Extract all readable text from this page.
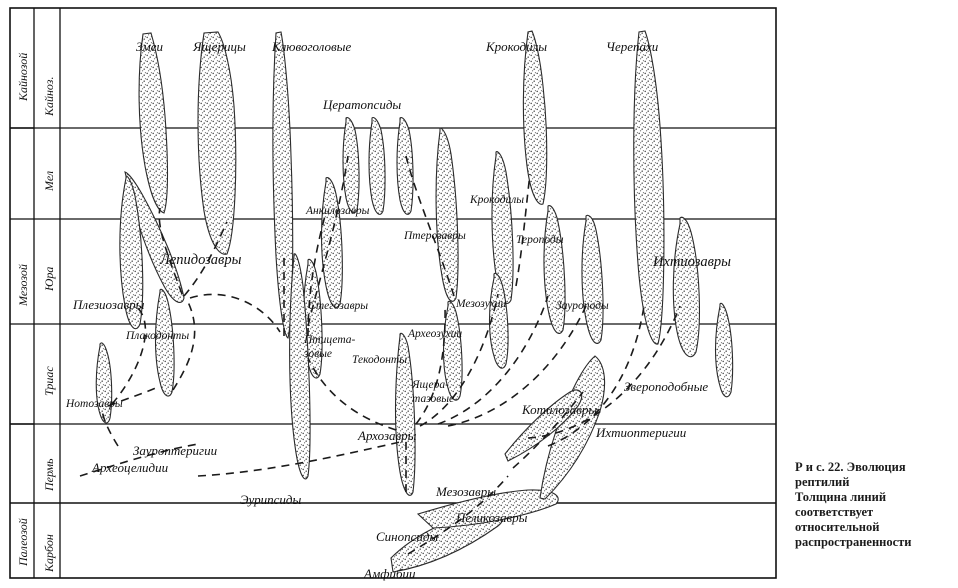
Кайнозой
Мезозой
Палеозой
Кайноз.
Мел
Юра
Триас
Пермь
Карбон
Змеи Ящерицы Клювоголовые	Крокодилы	Черепахи
Цератопсиды
Анкилозавры
Крокодилы
Птерозавры	Тероподы
Лепидозавры	Ихтиозавры
Плезиозавры	Стегозавры	Мезозухии	Зауроподы
Плакодонты	Птицета-
зовые
Археозухии
Текодонты
Ящера-
тазовые
Звероподобные
Нотозавры	Котилозавры
Зауроптеригии
Архозавры	Ихтиоптеригии
Археоцелидии
Эурипсиды
Мезозавры
Пеликозавры
Синопсиды
Амфибии
Р и с. 22. Эволюция
рептилий
Толщина линий
соответствует
относительной
распространенности
